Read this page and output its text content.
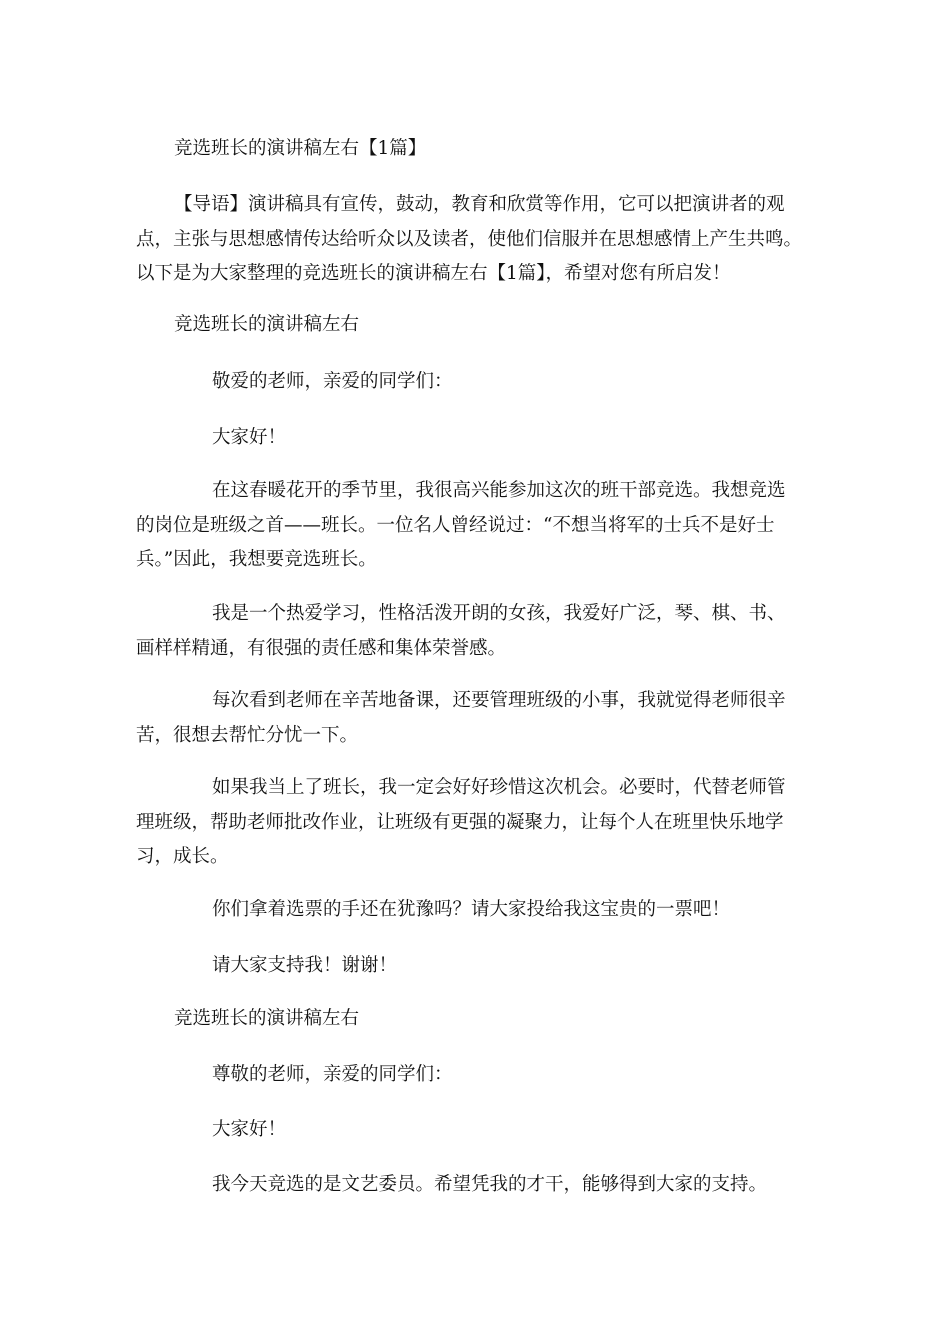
竞选班长的演讲稿左右【1篇】
【导语】演讲稿具有宣传，鼓动，教育和欣赏等作用，它可以把演讲者的观
点，主张与思想感情传达给听众以及读者，使他们信服并在思想感情上产生共鸣。
以下是为大家整理的竞选班长的演讲稿左右【1篇】，希望对您有所启发！
竞选班长的演讲稿左右
敬爱的老师，亲爱的同学们：
大家好！
在这春暖花开的季节里，我很高兴能参加这次的班干部竞选。我想竞选
的岗位是班级之首——班长。一位名人曾经说过：“不想当将军的士兵不是好士
兵。”因此，我想要竞选班长。
我是一个热爱学习，性格活泼开朗的女孩，我爱好广泛，琴、棋、书、
画样样精通，有很强的责任感和集体荣誉感。
每次看到老师在辛苦地备课，还要管理班级的小事，我就觉得老师很辛
苦，很想去帮忙分忧一下。
如果我当上了班长，我一定会好好珍惜这次机会。必要时，代替老师管
理班级，帮助老师批改作业，让班级有更强的凝聚力，让每个人在班里快乐地学
习，成长。
你们拿着选票的手还在犹豫吗？请大家投给我这宝贵的一票吧！
请大家支持我！谢谢！
竞选班长的演讲稿左右
尊敬的老师，亲爱的同学们：
大家好！
我今天竞选的是文艺委员。希望凭我的才干，能够得到大家的支持。
